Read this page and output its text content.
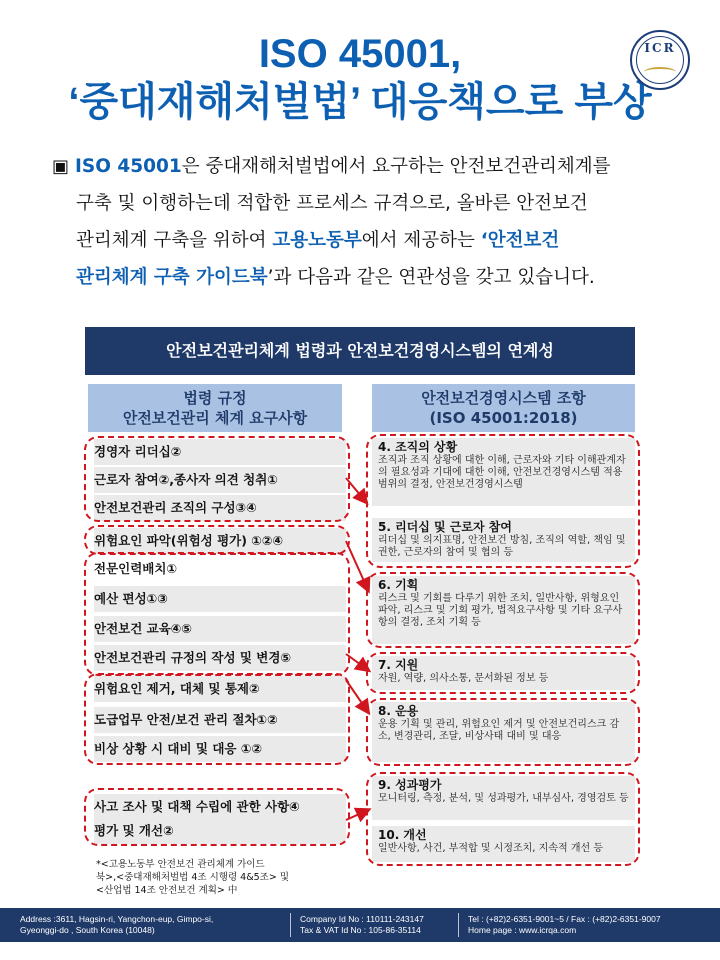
ISO 45001,
‘중대재해처벌법’ 대응책으로 부상
ICR
▣ ISO 45001은 중대재해처벌법에서 요구하는 안전보건관리체계를
구축 및 이행하는데 적합한 프로세스 규격으로, 올바른 안전보건
관리체계 구축을 위하여 고용노동부에서 제공하는 ‘안전보건
관리체계 구축 가이드북’과 다음과 같은 연관성을 갖고 있습니다.
안전보건관리체계 법령과 안전보건경영시스템의 연계성
법령 규정
안전보건관리 체계 요구사항
안전보건경영시스템 조항
(ISO 45001:2018)
경영자 리더십②
근로자 참여②,종사자 의견 청취①
안전보건관리 조직의 구성③④
위험요인 파악(위험성 평가) ①②④
전문인력배치①
예산 편성①③
안전보건 교육④⑤
안전보건관리 규정의 작성 및 변경⑤
위험요인 제거, 대체 및 통제②
도급업무 안전/보건 관리 절차①②
비상 상황 시 대비 및 대응 ①②
사고 조사 및 대책 수립에 관한 사항④
평가 및 개선②
4. 조직의 상황
조직과 조직 상황에 대한 이해, 근로자와 기타 이해관계자의 필요성과 기대에 대한 이해, 안전보건경영시스템 적용범위의 결정, 안전보건경영시스템
5. 리더십 및 근로자 참여
리더십 및 의지표명, 안전보건 방침, 조직의 역할, 책임 및 권한, 근로자의 참여 및 협의 등
6. 기획
리스크 및 기회를 다루기 위한 조치, 일반사항, 위형요인 파악, 리스크 및 기회 평가, 법적요구사항 및 기타 요구사항의 결정, 조치 기획 등
7. 지원
자원, 역량, 의사소통, 문서화된 정보 등
8. 운용
운용 기획 및 관리, 위험요인 제거 및 안전보건리스크 감소, 변경관리, 조달, 비상사태 대비 및 대응
9. 성과평가
모니터링, 측정, 분석, 및 성과평가, 내부심사, 경영검토 등
10. 개선
일반사항, 사건, 부적합 및 시정조치, 지속적 개선 등
*<고용노동부 안전보건 관리체계 가이드
북>,<중대재해처벌법 4조 시행령 4&5조> 및
<산업법 14조 안전보건 계획> 中
Address :3611, Hagsin-ri, Yangchon-eup, Gimpo-si,
Gyeonggi-do , South Korea (10048)
Company Id No : 110111-243147
Tax & VAT Id No : 105-86-35114
Tel : (+82)2-6351-9001~5 / Fax : (+82)2-6351-9007
Home page : www.icrqa.com
